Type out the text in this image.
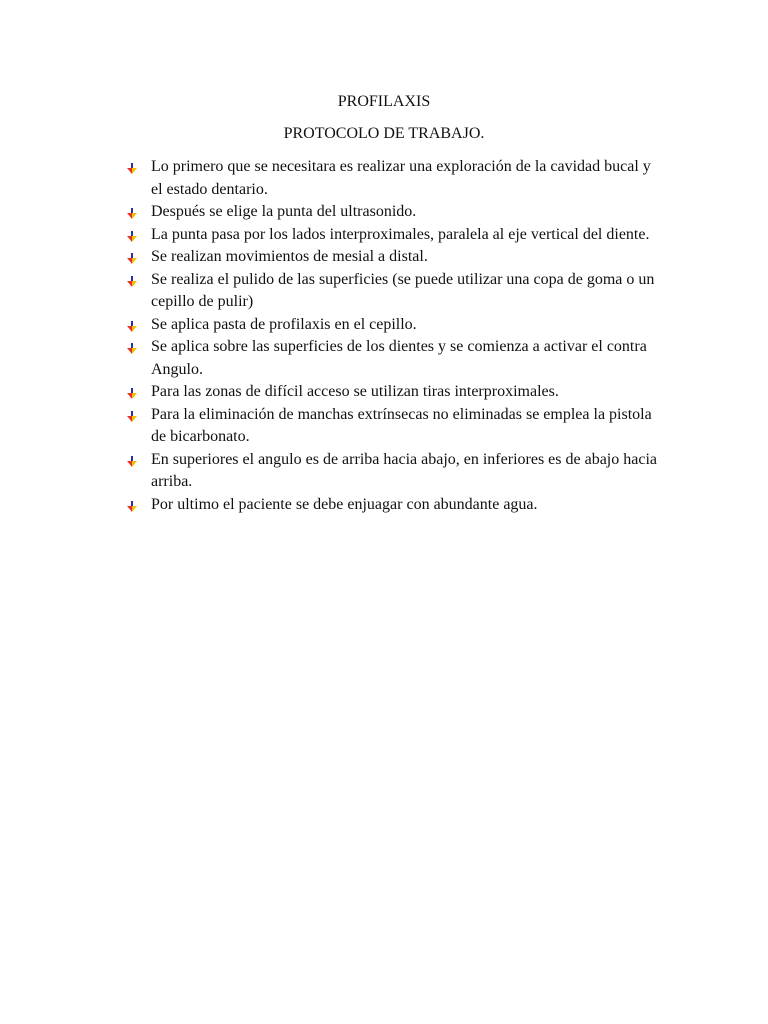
PROFILAXIS
PROTOCOLO DE TRABAJO.
Lo primero que se necesitara es realizar una exploración de la cavidad bucal y el estado dentario.
Después se elige la punta del ultrasonido.
La punta pasa por los lados interproximales, paralela al eje vertical del diente.
Se realizan movimientos de mesial a distal.
Se realiza el pulido de las superficies (se puede utilizar una copa de goma o un cepillo de pulir)
Se aplica pasta de profilaxis en el cepillo.
Se aplica sobre las superficies de los dientes y se comienza a activar el contra Angulo.
Para las zonas de difícil acceso se utilizan tiras interproximales.
Para la eliminación de manchas extrínsecas no eliminadas se emplea la pistola de bicarbonato.
En superiores el angulo es de arriba hacia abajo, en inferiores es de abajo hacia arriba.
Por ultimo el paciente se debe enjuagar con abundante agua.
